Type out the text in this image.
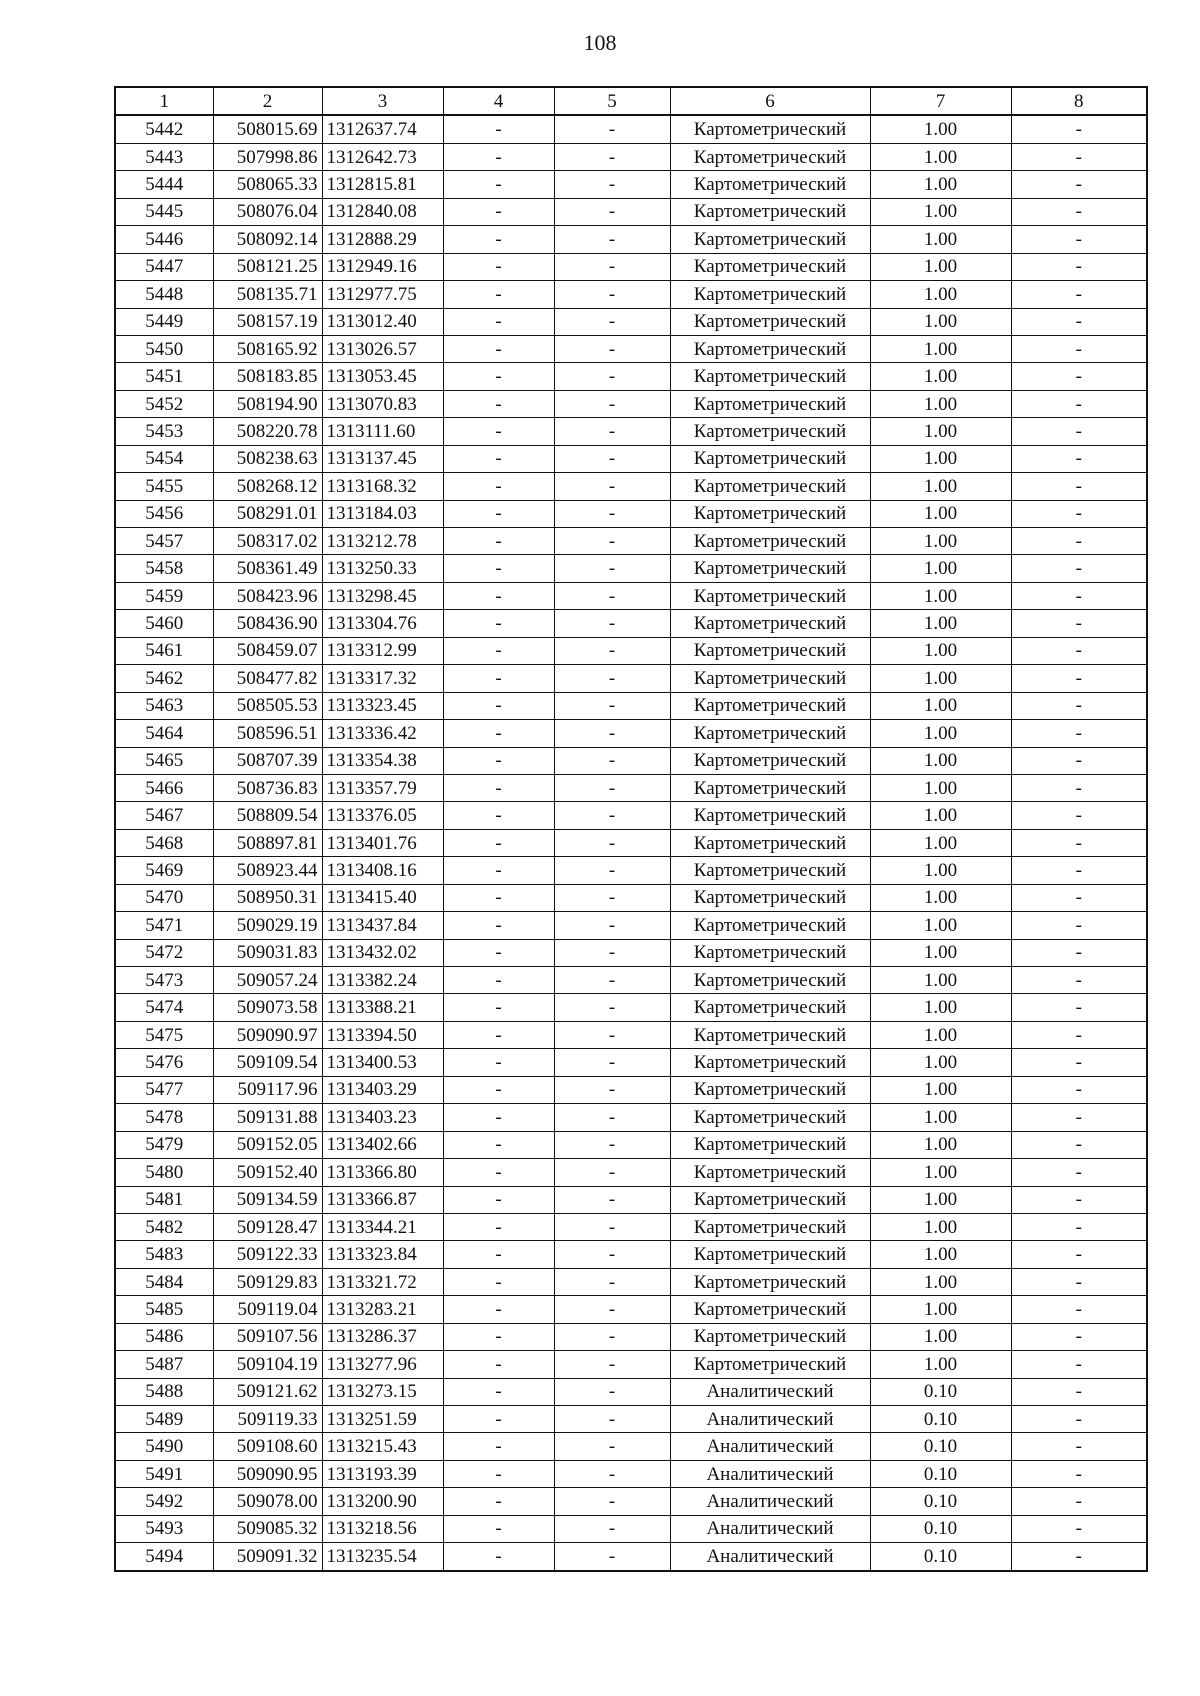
108
1	2	3	4	5	6	7	8
5442	508015.69	1312637.74	-	-	Картометрический	1.00	-
5443	507998.86	1312642.73	-	-	Картометрический	1.00	-
5444	508065.33	1312815.81	-	-	Картометрический	1.00	-
5445	508076.04	1312840.08	-	-	Картометрический	1.00	-
5446	508092.14	1312888.29	-	-	Картометрический	1.00	-
5447	508121.25	1312949.16	-	-	Картометрический	1.00	-
5448	508135.71	1312977.75	-	-	Картометрический	1.00	-
5449	508157.19	1313012.40	-	-	Картометрический	1.00	-
5450	508165.92	1313026.57	-	-	Картометрический	1.00	-
5451	508183.85	1313053.45	-	-	Картометрический	1.00	-
5452	508194.90	1313070.83	-	-	Картометрический	1.00	-
5453	508220.78	1313111.60	-	-	Картометрический	1.00	-
5454	508238.63	1313137.45	-	-	Картометрический	1.00	-
5455	508268.12	1313168.32	-	-	Картометрический	1.00	-
5456	508291.01	1313184.03	-	-	Картометрический	1.00	-
5457	508317.02	1313212.78	-	-	Картометрический	1.00	-
5458	508361.49	1313250.33	-	-	Картометрический	1.00	-
5459	508423.96	1313298.45	-	-	Картометрический	1.00	-
5460	508436.90	1313304.76	-	-	Картометрический	1.00	-
5461	508459.07	1313312.99	-	-	Картометрический	1.00	-
5462	508477.82	1313317.32	-	-	Картометрический	1.00	-
5463	508505.53	1313323.45	-	-	Картометрический	1.00	-
5464	508596.51	1313336.42	-	-	Картометрический	1.00	-
5465	508707.39	1313354.38	-	-	Картометрический	1.00	-
5466	508736.83	1313357.79	-	-	Картометрический	1.00	-
5467	508809.54	1313376.05	-	-	Картометрический	1.00	-
5468	508897.81	1313401.76	-	-	Картометрический	1.00	-
5469	508923.44	1313408.16	-	-	Картометрический	1.00	-
5470	508950.31	1313415.40	-	-	Картометрический	1.00	-
5471	509029.19	1313437.84	-	-	Картометрический	1.00	-
5472	509031.83	1313432.02	-	-	Картометрический	1.00	-
5473	509057.24	1313382.24	-	-	Картометрический	1.00	-
5474	509073.58	1313388.21	-	-	Картометрический	1.00	-
5475	509090.97	1313394.50	-	-	Картометрический	1.00	-
5476	509109.54	1313400.53	-	-	Картометрический	1.00	-
5477	509117.96	1313403.29	-	-	Картометрический	1.00	-
5478	509131.88	1313403.23	-	-	Картометрический	1.00	-
5479	509152.05	1313402.66	-	-	Картометрический	1.00	-
5480	509152.40	1313366.80	-	-	Картометрический	1.00	-
5481	509134.59	1313366.87	-	-	Картометрический	1.00	-
5482	509128.47	1313344.21	-	-	Картометрический	1.00	-
5483	509122.33	1313323.84	-	-	Картометрический	1.00	-
5484	509129.83	1313321.72	-	-	Картометрический	1.00	-
5485	509119.04	1313283.21	-	-	Картометрический	1.00	-
5486	509107.56	1313286.37	-	-	Картометрический	1.00	-
5487	509104.19	1313277.96	-	-	Картометрический	1.00	-
5488	509121.62	1313273.15	-	-	Аналитический	0.10	-
5489	509119.33	1313251.59	-	-	Аналитический	0.10	-
5490	509108.60	1313215.43	-	-	Аналитический	0.10	-
5491	509090.95	1313193.39	-	-	Аналитический	0.10	-
5492	509078.00	1313200.90	-	-	Аналитический	0.10	-
5493	509085.32	1313218.56	-	-	Аналитический	0.10	-
5494	509091.32	1313235.54	-	-	Аналитический	0.10	-
